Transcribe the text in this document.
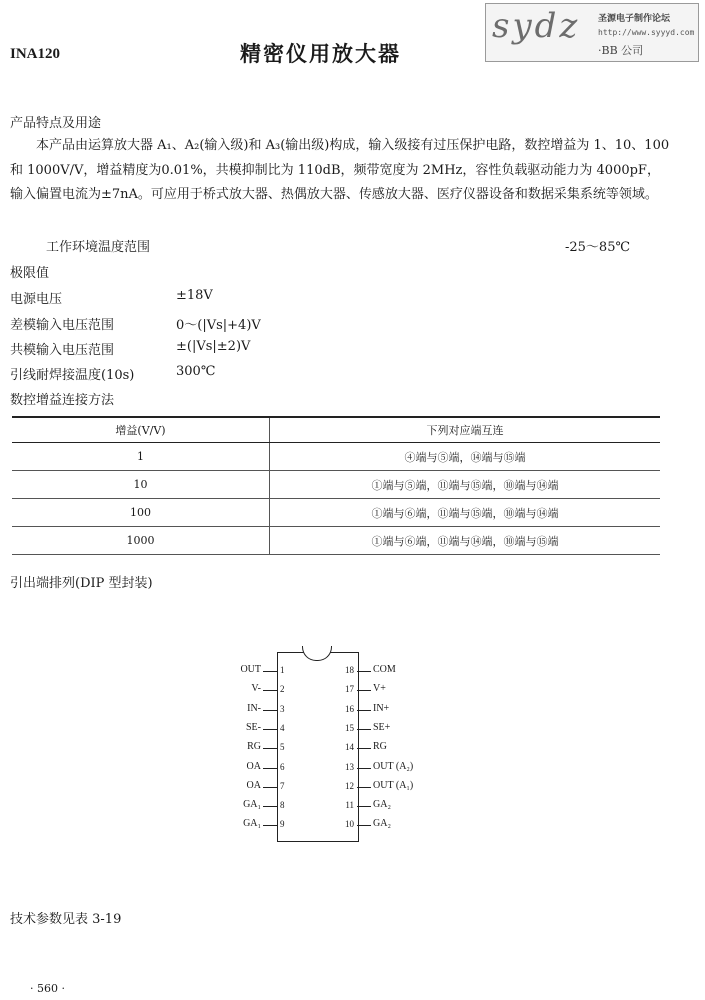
INA120	精密仪用放大器
sydz 圣源电子制作论坛
http://www.syyyd.com
·BB 公司
产品特点及用途
本产品由运算放大器 A₁、A₂(输入级)和 A₃(输出级)构成，输入级接有过压保护电路，数控增益为 1、10、100 和 1000V/V，增益精度为0.01%，共模抑制比为 110dB，频带宽度为 2MHz，容性负载驱动能力为 4000pF，输入偏置电流为±7nA。可应用于桥式放大器、热偶放大器、传感放大器、医疗仪器设备和数据采集系统等领域。
工作环境温度范围	-25～85℃
极限值
电源电压	±18V
差模输入电压范围	0～(|Vs|+4)V
共模输入电压范围	±(|Vs|±2)V
引线耐焊接温度(10s)	300℃
数控增益连接方法
增益(V/V)	下列对应端互连
1	④端与⑤端，⑭端与⑮端
10	①端与⑤端，⑪端与⑮端，⑩端与⑭端
100	①端与⑥端，⑪端与⑮端，⑩端与⑭端
1000	①端与⑥端，⑪端与⑭端，⑩端与⑮端
引出端排列(DIP 型封装)
1
OUT
2
V-
3
IN-
4
SE-
5
RG
6
OA
7
OA
8
GA₁
9
GA₁
18 COM
17 V+
16 IN+
15 SE+
14 RG
13 OUT (A₂)
12 OUT (A₁)
11 GA₂
10 GA₂
技术参数见表 3-19
· 560 ·
